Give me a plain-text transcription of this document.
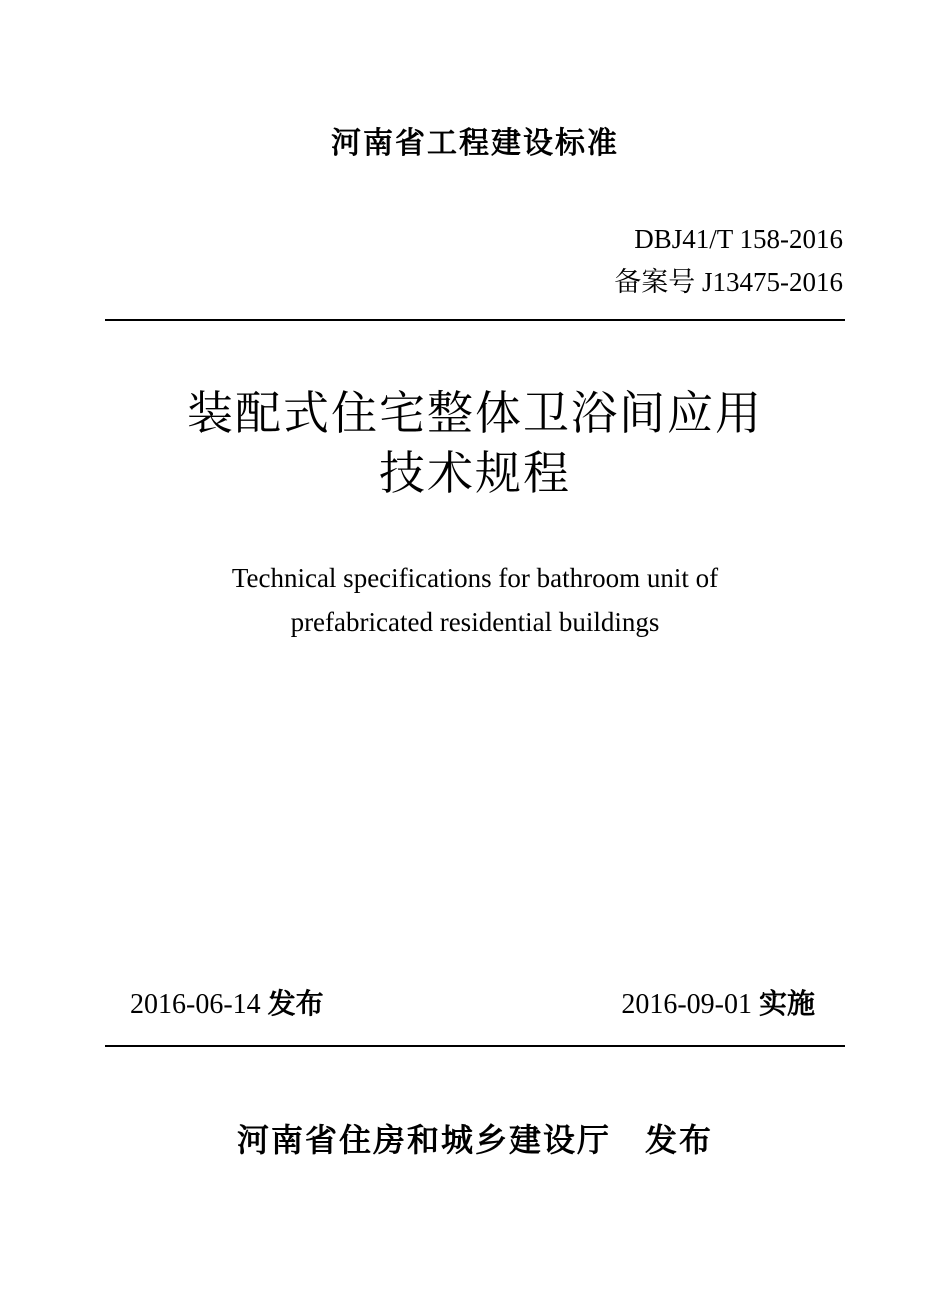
河南省工程建设标准
DBJ41/T 158-2016
备案号 J13475-2016
装配式住宅整体卫浴间应用
技术规程
Technical specifications for bathroom unit of
prefabricated residential buildings
2016-06-14 发布	2016-09-01 实施
河南省住房和城乡建设厅 发布
